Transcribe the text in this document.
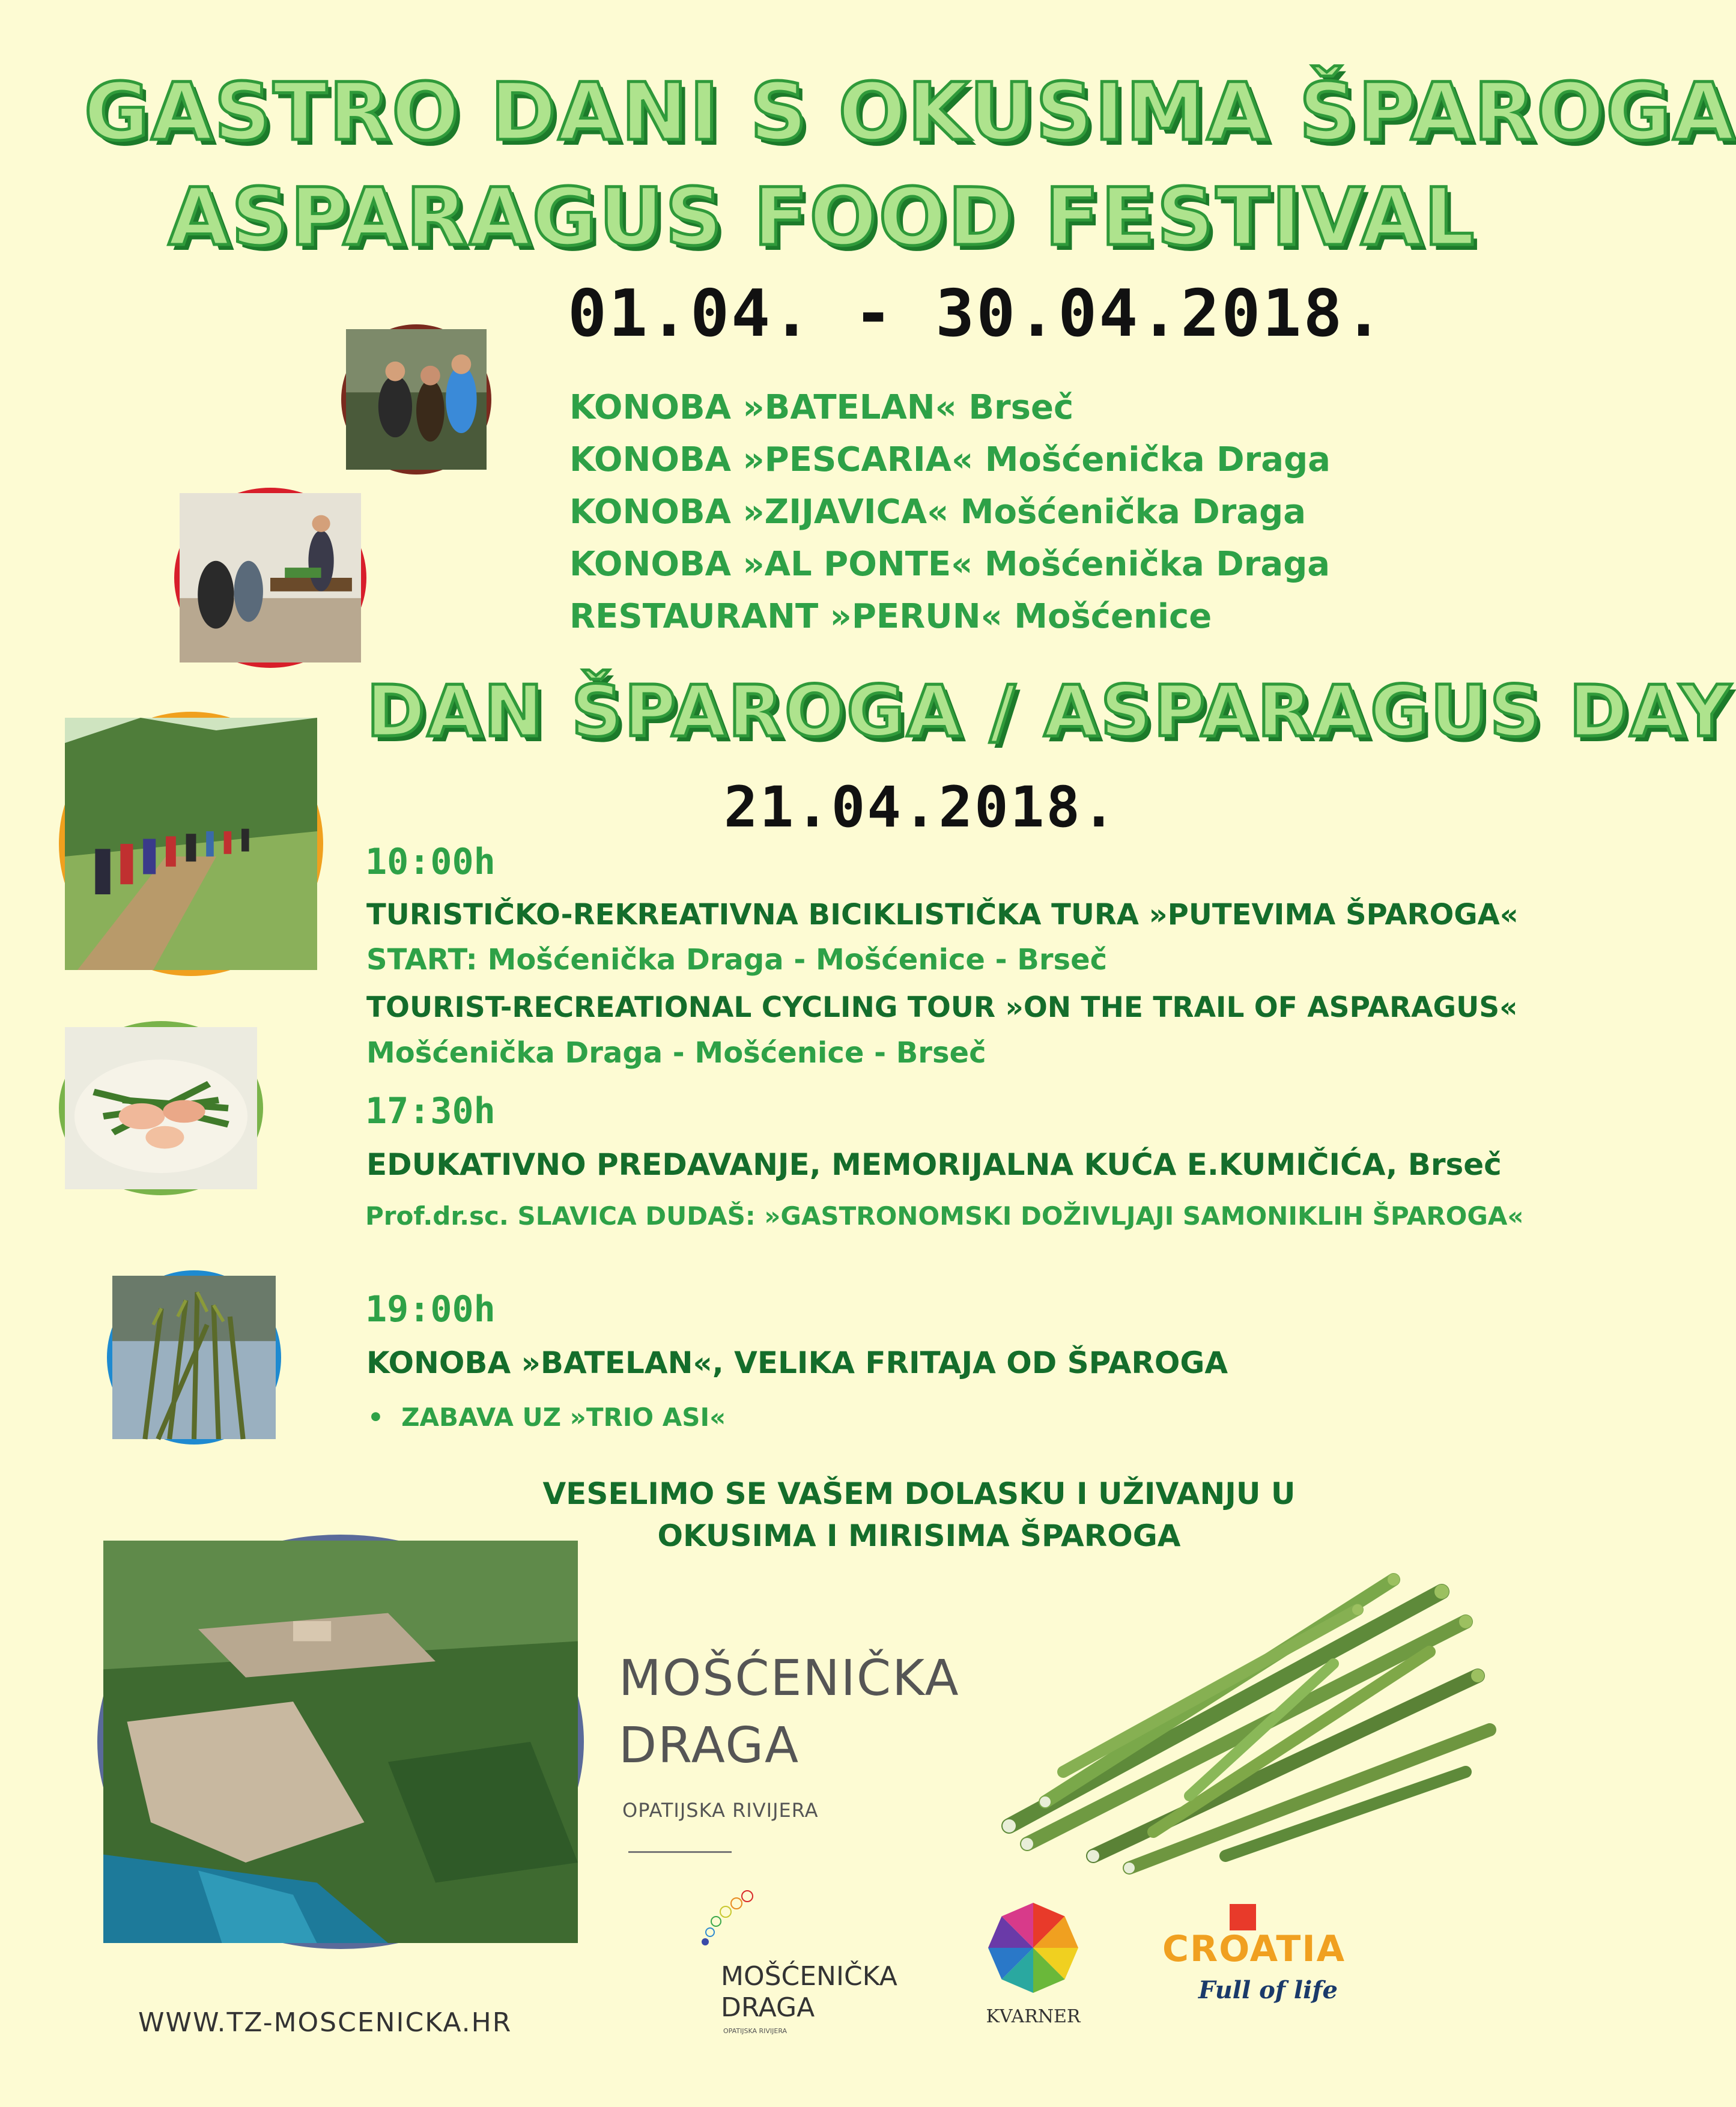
GASTRO DANI S OKUSIMA ŠPAROGA
ASPARAGUS FOOD FESTIVAL
01.04. - 30.04.2018.
KONOBA »BATELAN« Brseč
KONOBA »PESCARIA« Mošćenička Draga
KONOBA »ZIJAVICA« Mošćenička Draga
KONOBA »AL PONTE« Mošćenička Draga
RESTAURANT »PERUN« Mošćenice
DAN ŠPAROGA / ASPARAGUS DAY
21.04.2018.
10:00h
TURISTIČKO-REKREATIVNA BICIKLISTIČKA TURA »PUTEVIMA ŠPAROGA«
START: Mošćenička Draga - Mošćenice - Brseč
TOURIST-RECREATIONAL CYCLING TOUR »ON THE TRAIL OF ASPARAGUS«
Mošćenička Draga - Mošćenice - Brseč
17:30h
EDUKATIVNO PREDAVANJE, MEMORIJALNA KUĆA E.KUMIČIĆA, Brseč
Prof.dr.sc. SLAVICA DUDAŠ: »GASTRONOMSKI DOŽIVLJAJI SAMONIKLIH ŠPAROGA«
19:00h
KONOBA »BATELAN«, VELIKA FRITAJA OD ŠPAROGA
•  ZABAVA UZ »TRIO ASI«
VESELIMO SE VAŠEM DOLASKU I UŽIVANJU U
OKUSIMA I MIRISIMA ŠPAROGA
MOŠĆENIČKA
DRAGA
OPATIJSKA RIVIJERA
MOŠĆENIČKA
DRAGA
OPATIJSKA RIVIJERA
KVARNER
CROATIA
Full of life
WWW.TZ-MOSCENICKA.HR
